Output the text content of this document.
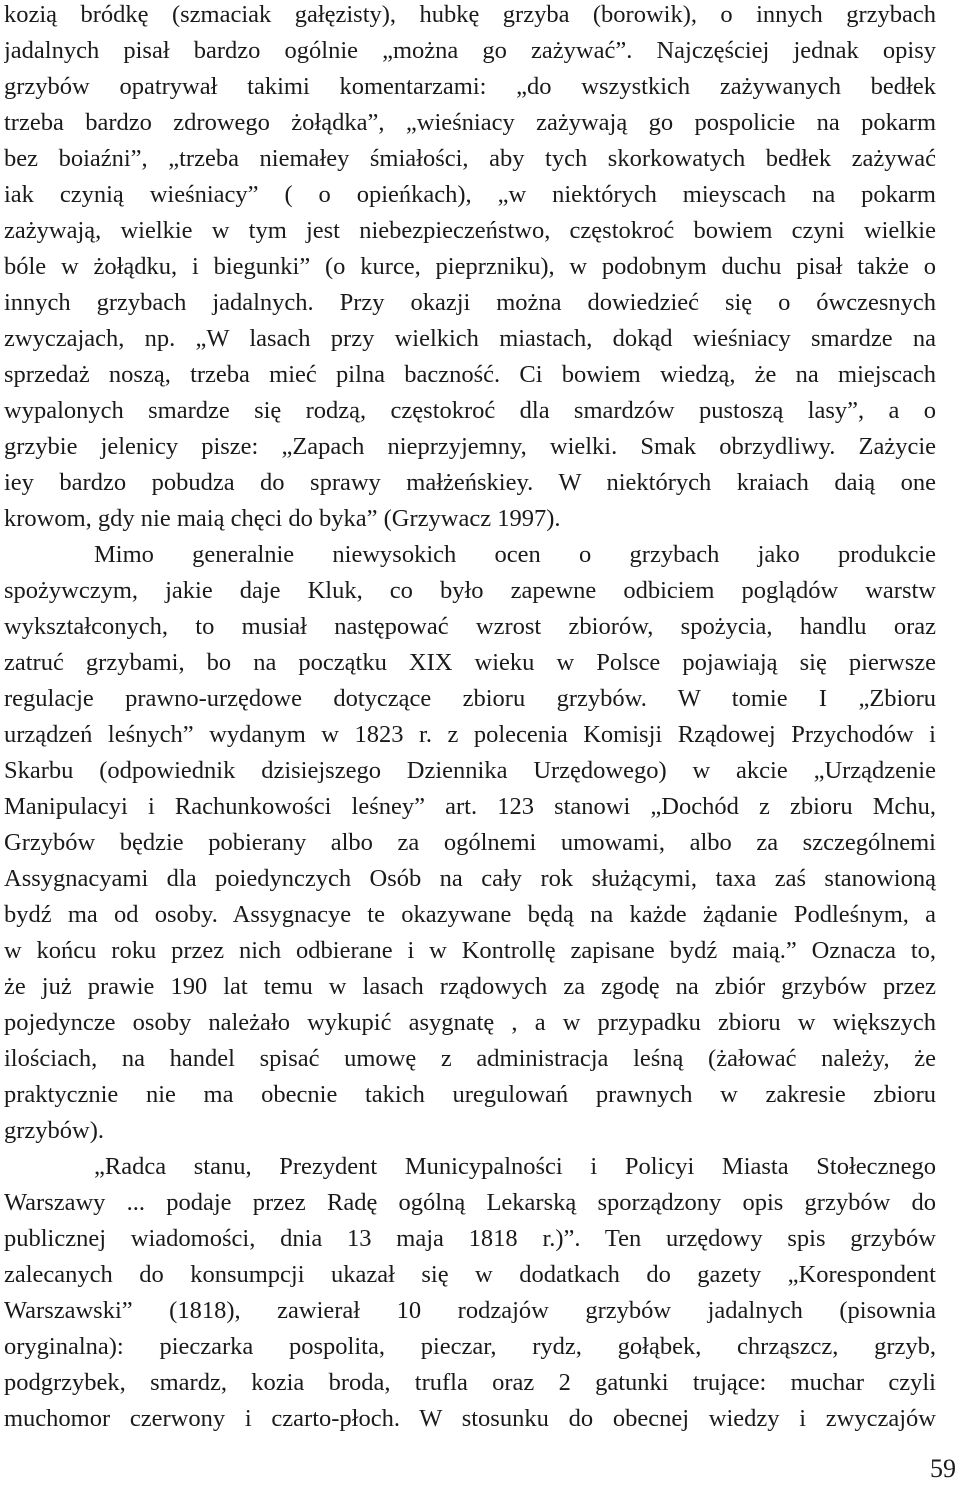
kozią bródkę (szmaciak gałęzisty), hubkę grzyba (borowik), o innych grzybach
jadalnych pisał bardzo ogólnie „można go zażywać”. Najczęściej jednak opisy
grzybów opatrywał takimi komentarzami: „do wszystkich zażywanych bedłek
trzeba bardzo zdrowego żołądka”, „wieśniacy zażywają go pospolicie na pokarm
bez boiaźni”, „trzeba niemałey śmiałości, aby tych skorkowatych bedłek zażywać
iak czynią wieśniacy” ( o opieńkach), „w niektórych mieyscach na pokarm
zażywają, wielkie w tym jest niebezpieczeństwo, częstokroć bowiem czyni wielkie
bóle w żołądku, i biegunki” (o kurce, pieprzniku), w podobnym duchu pisał także o
innych grzybach jadalnych. Przy okazji można dowiedzieć się o ówczesnych
zwyczajach, np. „W lasach przy wielkich miastach, dokąd wieśniacy smardze na
sprzedaż noszą, trzeba mieć pilna baczność. Ci bowiem wiedzą, że na miejscach
wypalonych smardze się rodzą, częstokroć dla smardzów pustoszą lasy”, a o
grzybie jelenicy pisze: „Zapach nieprzyjemny, wielki. Smak obrzydliwy. Zażycie
iey bardzo pobudza do sprawy małżeńskiey. W niektórych kraiach daią one
krowom, gdy nie maią chęci do byka” (Grzywacz 1997).
Mimo generalnie niewysokich ocen o grzybach jako produkcie
spożywczym, jakie daje Kluk, co było zapewne odbiciem poglądów warstw
wykształconych, to musiał następować wzrost zbiorów, spożycia, handlu oraz
zatruć grzybami, bo na początku XIX wieku w Polsce pojawiają się pierwsze
regulacje prawno-urzędowe dotyczące zbioru grzybów. W tomie I „Zbioru
urządzeń leśnych” wydanym w 1823 r. z polecenia Komisji Rządowej Przychodów i
Skarbu (odpowiednik dzisiejszego Dziennika Urzędowego) w akcie „Urządzenie
Manipulacyi i Rachunkowości leśney” art. 123 stanowi „Dochód z zbioru Mchu,
Grzybów będzie pobierany albo za ogólnemi umowami, albo za szczególnemi
Assygnacyami dla poiedynczych Osób na cały rok służącymi, taxa zaś stanowioną
bydź ma od osoby. Assygnacye te okazywane będą na każde żądanie Podleśnym, a
w końcu roku przez nich odbierane i w Kontrollę zapisane bydź maią.” Oznacza to,
że już prawie 190 lat temu w lasach rządowych za zgodę na zbiór grzybów przez
pojedyncze osoby należało wykupić asygnatę , a w przypadku zbioru w większych
ilościach, na handel spisać umowę z administracja leśną (żałować należy, że
praktycznie nie ma obecnie takich uregulowań prawnych w zakresie zbioru
grzybów).
„Radca stanu, Prezydent Municypalności i Policyi Miasta Stołecznego
Warszawy ... podaje przez Radę ogólną Lekarską sporządzony opis grzybów do
publicznej wiadomości, dnia 13 maja 1818 r.)”. Ten urzędowy spis grzybów
zalecanych do konsumpcji ukazał się w dodatkach do gazety „Korespondent
Warszawski” (1818), zawierał 10 rodzajów grzybów jadalnych (pisownia
oryginalna): pieczarka pospolita, pieczar, rydz, gołąbek, chrząszcz, grzyb,
podgrzybek, smardz, kozia broda, trufla oraz 2 gatunki trujące: muchar czyli
muchomor czerwony i czarto-płoch. W stosunku do obecnej wiedzy i zwyczajów
59
